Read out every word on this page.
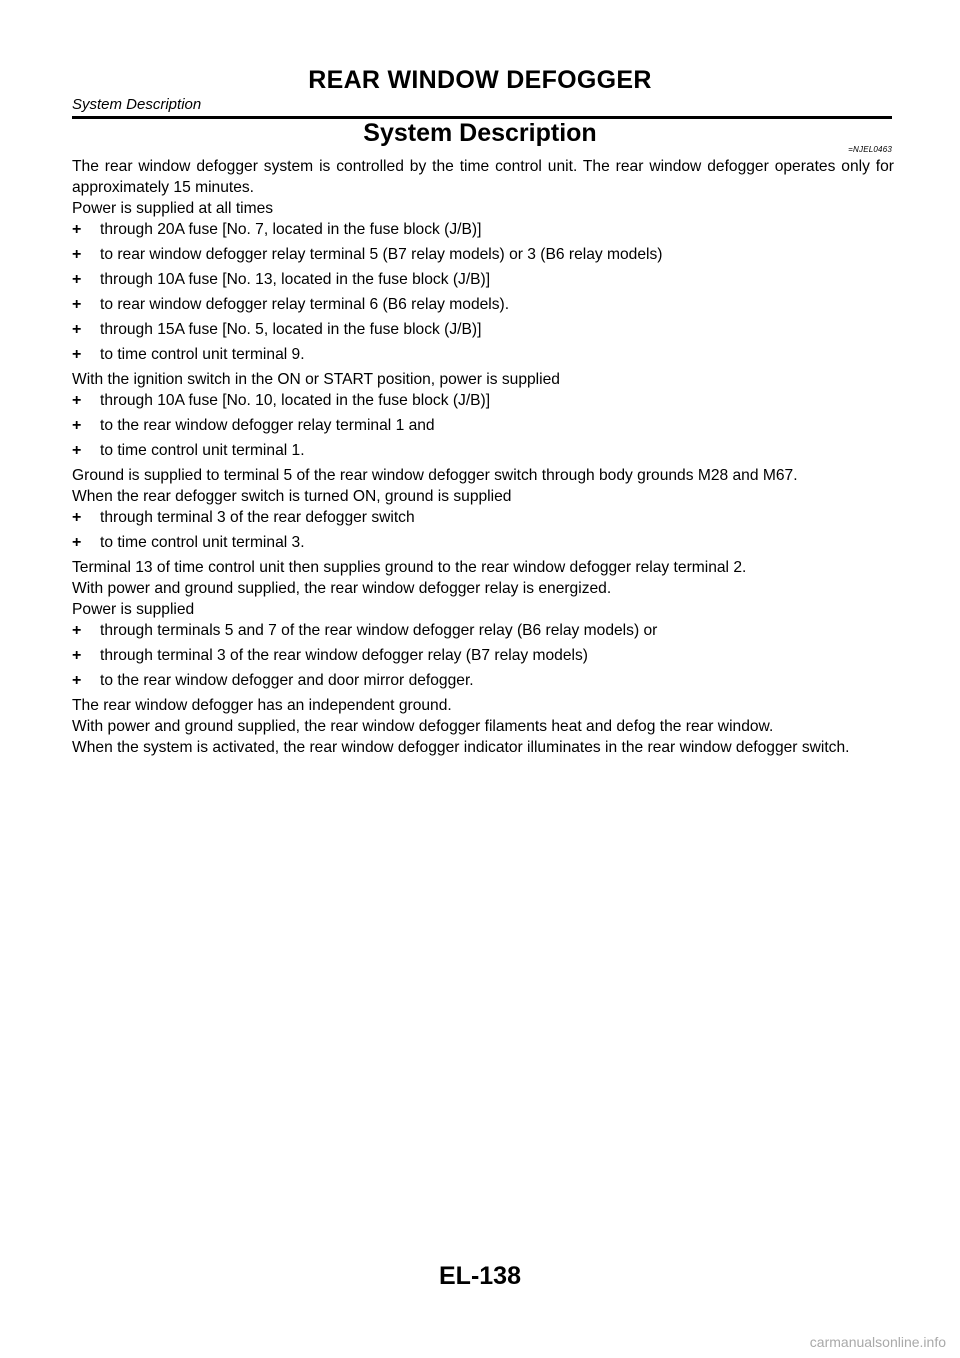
REAR WINDOW DEFOGGER
System Description
System Description
=NJEL0463

The rear window defogger system is controlled by the time control unit. The rear window defogger operates only for approximately 15 minutes.

Power is supplied at all times

+ through 20A fuse [No. 7, located in the fuse block (J/B)]
+ to rear window defogger relay terminal 5 (B7 relay models) or 3 (B6 relay models)
+ through 10A fuse [No. 13, located in the fuse block (J/B)]
+ to rear window defogger relay terminal 6 (B6 relay models).
+ through 15A fuse [No. 5, located in the fuse block (J/B)]
+ to time control unit terminal 9.

With the ignition switch in the ON or START position, power is supplied

+ through 10A fuse [No. 10, located in the fuse block (J/B)]
+ to the rear window defogger relay terminal 1 and
+ to time control unit terminal 1.

Ground is supplied to terminal 5 of the rear window defogger switch through body grounds M28 and M67.

When the rear defogger switch is turned ON, ground is supplied

+ through terminal 3 of the rear defogger switch
+ to time control unit terminal 3.

Terminal 13 of time control unit then supplies ground to the rear window defogger relay terminal 2.

With power and ground supplied, the rear window defogger relay is energized.

Power is supplied

+ through terminals 5 and 7 of the rear window defogger relay (B6 relay models) or
+ through terminal 3 of the rear window defogger relay (B7 relay models)
+ to the rear window defogger and door mirror defogger.

The rear window defogger has an independent ground.

With power and ground supplied, the rear window defogger filaments heat and defog the rear window.

When the system is activated, the rear window defogger indicator illuminates in the rear window defogger switch.

EL-138
carmanualsonline.info
